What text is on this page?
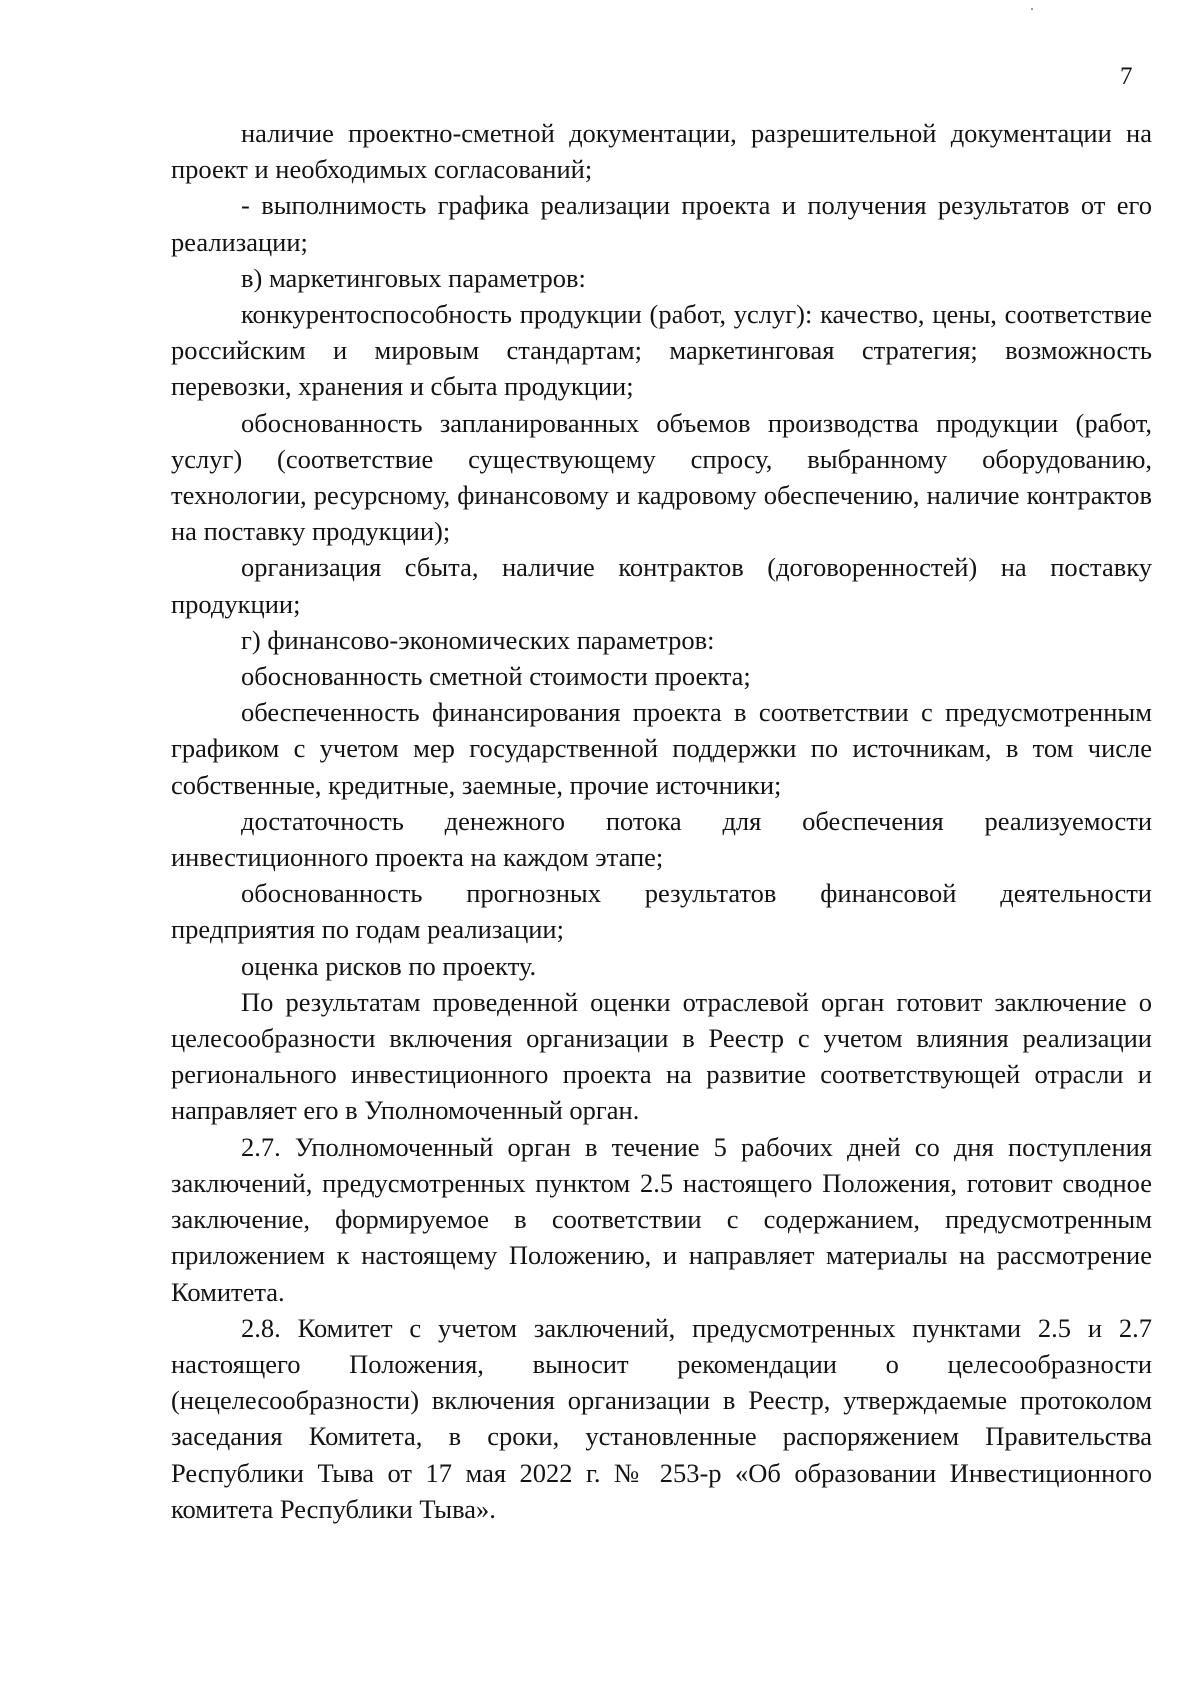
7

наличие проектно-сметной документации, разрешительной документации на проект и необходимых согласований;

- выполнимость графика реализации проекта и получения результатов от его реализации;

в) маркетинговых параметров:

конкурентоспособность продукции (работ, услуг): качество, цены, соответствие российским и мировым стандартам; маркетинговая стратегия; возможность перевозки, хранения и сбыта продукции;

обоснованность запланированных объемов производства продукции (работ, услуг) (соответствие существующему спросу, выбранному оборудованию, технологии, ресурсному, финансовому и кадровому обеспечению, наличие контрактов на поставку продукции);

организация сбыта, наличие контрактов (договоренностей) на поставку продукции;

г) финансово-экономических параметров:

обоснованность сметной стоимости проекта;

обеспеченность финансирования проекта в соответствии с предусмотренным графиком с учетом мер государственной поддержки по источникам, в том числе собственные, кредитные, заемные, прочие источники;

достаточность денежного потока для обеспечения реализуемости инвестиционного проекта на каждом этапе;

обоснованность прогнозных результатов финансовой деятельности предприятия по годам реализации;

оценка рисков по проекту.

По результатам проведенной оценки отраслевой орган готовит заключение о целесообразности включения организации в Реестр с учетом влияния реализации регионального инвестиционного проекта на развитие соответствующей отрасли и направляет его в Уполномоченный орган.

2.7. Уполномоченный орган в течение 5 рабочих дней со дня поступления заключений, предусмотренных пунктом 2.5 настоящего Положения, готовит сводное заключение, формируемое в соответствии с содержанием, предусмотренным приложением к настоящему Положению, и направляет материалы на рассмотрение Комитета.

2.8. Комитет с учетом заключений, предусмотренных пунктами 2.5 и 2.7 настоящего Положения, выносит рекомендации о целесообразности (нецелесообразности) включения организации в Реестр, утверждаемые протоколом заседания Комитета, в сроки, установленные распоряжением Правительства Республики Тыва от 17 мая 2022 г. № 253-р «Об образовании Инвестиционного комитета Республики Тыва».
